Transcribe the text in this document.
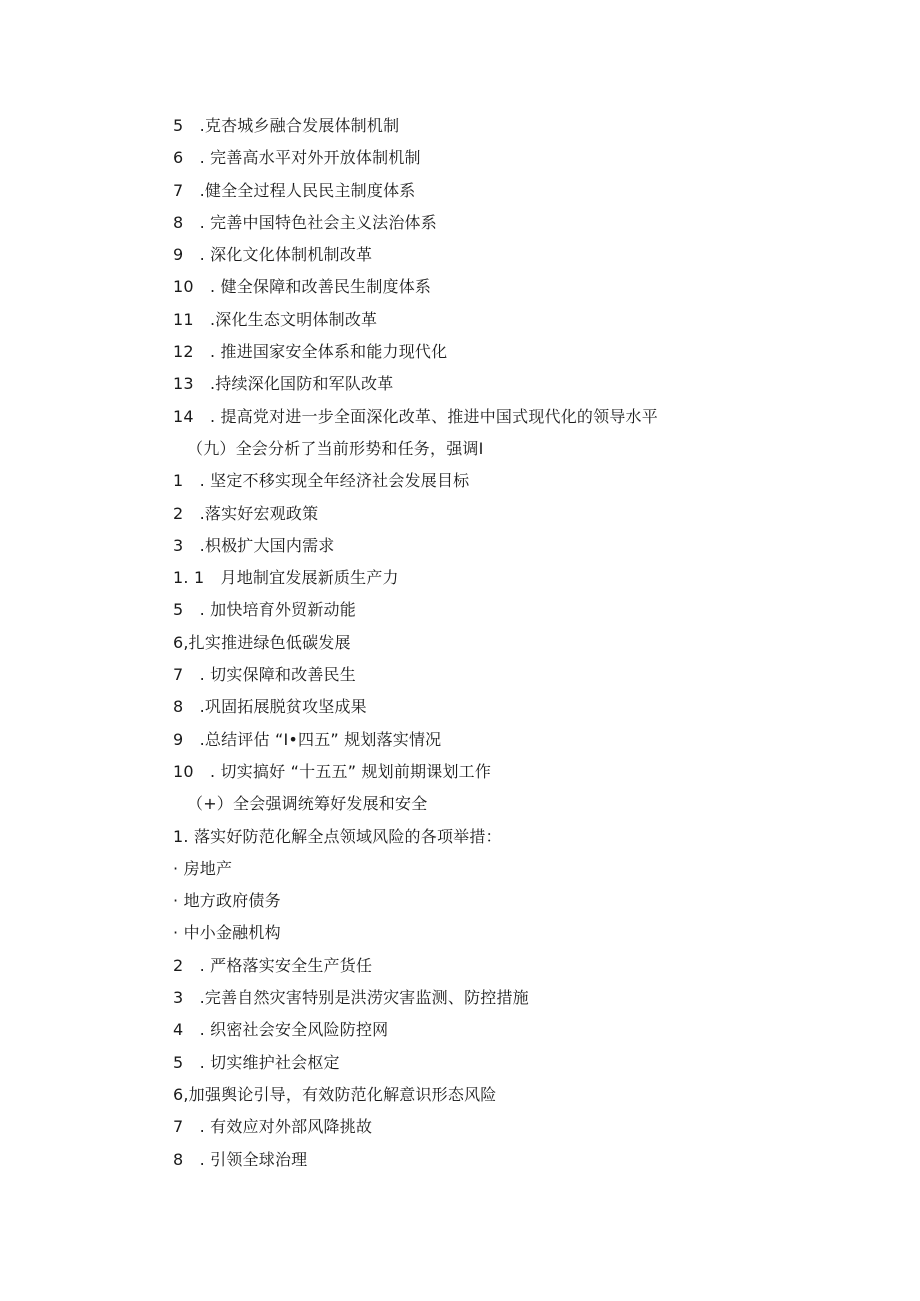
5　.克杏城乡融合发展体制机制
6　. 完善高水平对外开放体制机制
7　.健全全过程人民民主制度体系
8　. 完善中国特色社会主义法治体系
9　. 深化文化体制机制改革
10　. 健全保障和改善民生制度体系
11　.深化生态文明体制改革
12　. 推进国家安全体系和能力现代化
13　.持续深化国防和军队改革
14　. 提高党对进一步全面深化改革、推进中国式现代化的领导水平
（九）全会分析了当前形势和任务，强调I
1　. 坚定不移实现全年经济社会发展目标
2　.落实好宏观政策
3　.枳极扩大国内需求
1. 1　月地制宜发展新质生产力
5　. 加快培育外贸新动能
6,扎实推进绿色低碳发展
7　. 切实保障和改善民生
8　.巩固拓展脱贫攻坚成果
9　.总结评估 “I•四五” 规划落实情况
10　. 切实搞好 “十五五” 规划前期课划工作
（+）全会强调统筹好发展和安全
1. 落实好防范化解全点领域风险的各项举措：
· 房地产
· 地方政府债务
· 中小金融机构
2　. 严格落实安全生产货任
3　.完善自然灾害特别是洪涝灾害监测、防控措施
4　. 织密社会安全风险防控网
5　. 切实维护社会枢定
6,加强舆论引导，有效防范化解意识形态风险
7　. 有效应对外部风降挑故
8　. 引领全球治理
